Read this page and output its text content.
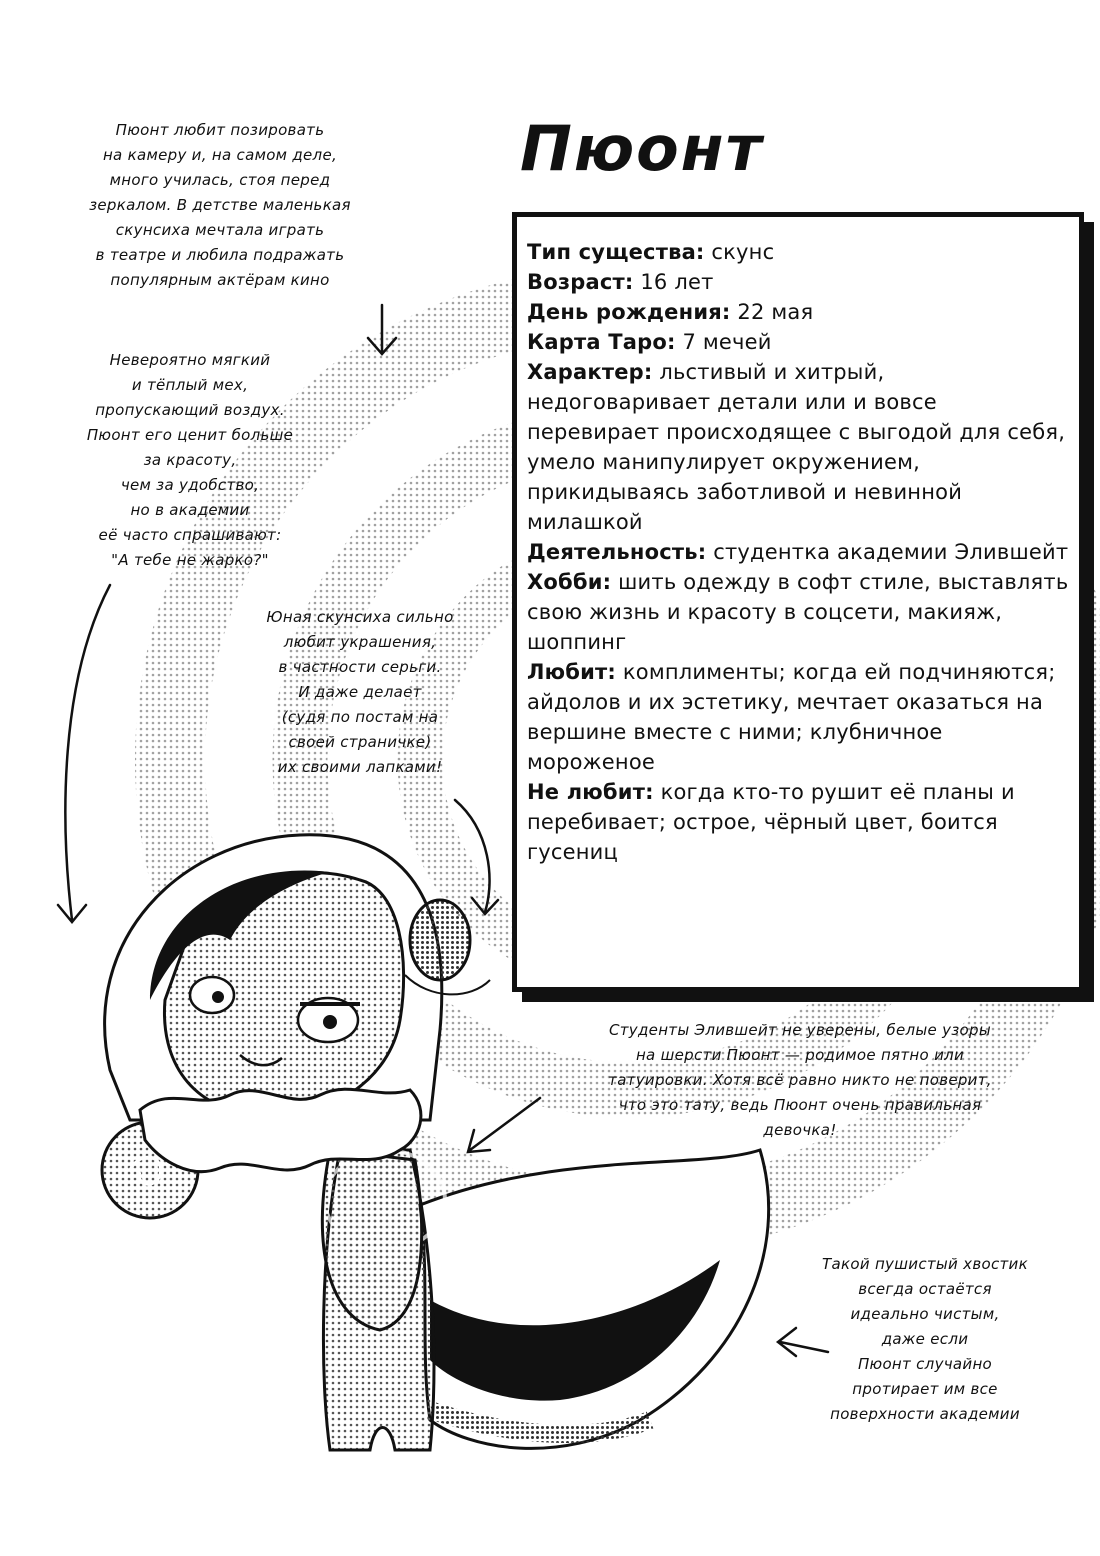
Пюонт любит позировать
на камеру и, на самом деле,
много училась, стоя перед
зеркалом. В детстве маленькая
скунсиха мечтала играть
в театре и любила подражать
популярным актёрам кино
Невероятно мягкий
и тёплый мех,
пропускающий воздух.
Пюонт его ценит больше
за красоту,
чем за удобство,
но в академии
её часто спрашивают:
"А тебе не жарко?"
Юная скунсиха сильно
любит украшения,
в частности серьги.
И даже делает
(судя по постам на
своей страничке)
их своими лапками!
Студенты Элившейт не уверены, белые узоры
на шерсти Пюонт — родимое пятно или
татуировки. Хотя всё равно никто не поверит,
что это тату, ведь Пюонт очень правильная
девочка!
Такой пушистый хвостик
всегда остаётся
идеально чистым,
даже если
Пюонт случайно
протирает им все
поверхности академии
Пюонт

Тип существа: скунс

Возраст: 16 лет

День рождения: 22 мая

Карта Таро: 7 мечей

Характер: льстивый и хитрый, недоговаривает детали или и вовсе перевирает происходящее с выгодой для себя, умело манипулирует окружением, прикидываясь заботливой и невинной милашкой

Деятельность: студентка академии Элившейт

Хобби: шить одежду в софт стиле, выставлять свою жизнь и красоту в соцсети, макияж, шоппинг

Любит: комплименты; когда ей подчиняются; айдолов и их эстетику, мечтает оказаться на вершине вместе с ними; клубничное мороженое

Не любит: когда кто-то рушит её планы и перебивает; острое, чёрный цвет, боится гусениц
